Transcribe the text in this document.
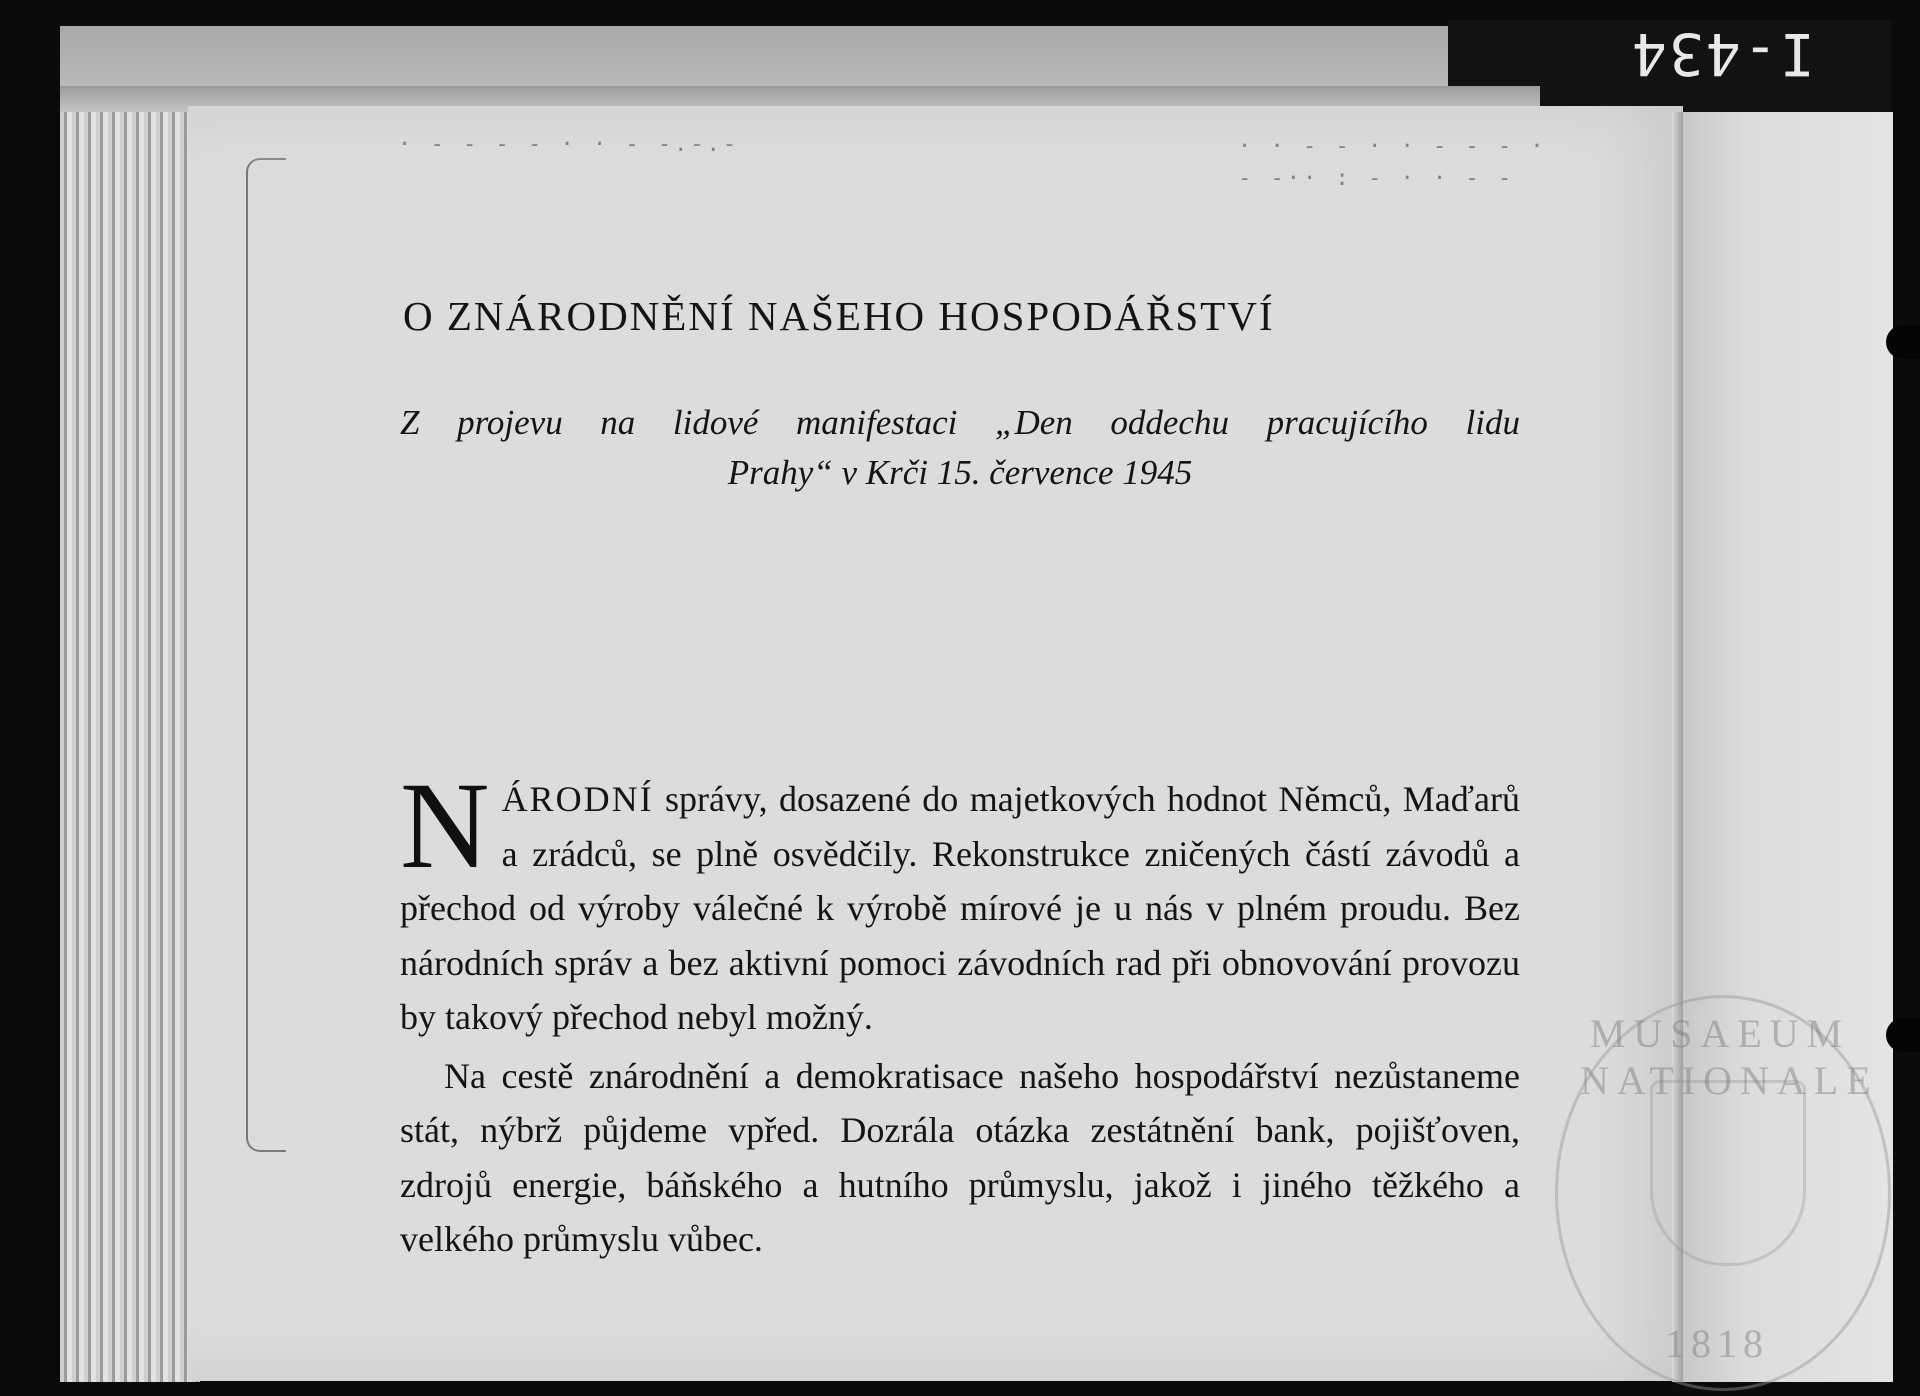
I-434
· - - - - · · - -.-.-	· · - - · · - - - ·
- -·· : - · · - -
O ZNÁRODNĚNÍ NAŠEHO HOSPODÁŘSTVÍ
Z projevu na lidové manifestaci „Den oddechu pracujícího lidu
Prahy“ v Krči 15. července 1945

NÁRODNÍ správy, dosazené do majetkových hodnot Němců, Maďarů a zrádců, se plně osvědčily. Rekonstrukce zničených částí závodů a přechod od výroby válečné k výrobě mírové je u nás v plném proudu. Bez národních správ a bez aktivní pomoci závodních rad při obnovování provozu by takový přechod nebyl možný.

Na cestě znárodnění a demokratisace našeho hospodářství nezůstaneme stát, nýbrž půjdeme vpřed. Dozrála otázka zestátnění bank, pojišťoven, zdrojů energie, báňského a hutního průmyslu, jakož i jiného těžkého a velkého průmyslu vůbec.

MUSAEUM NATIONALE
1818
